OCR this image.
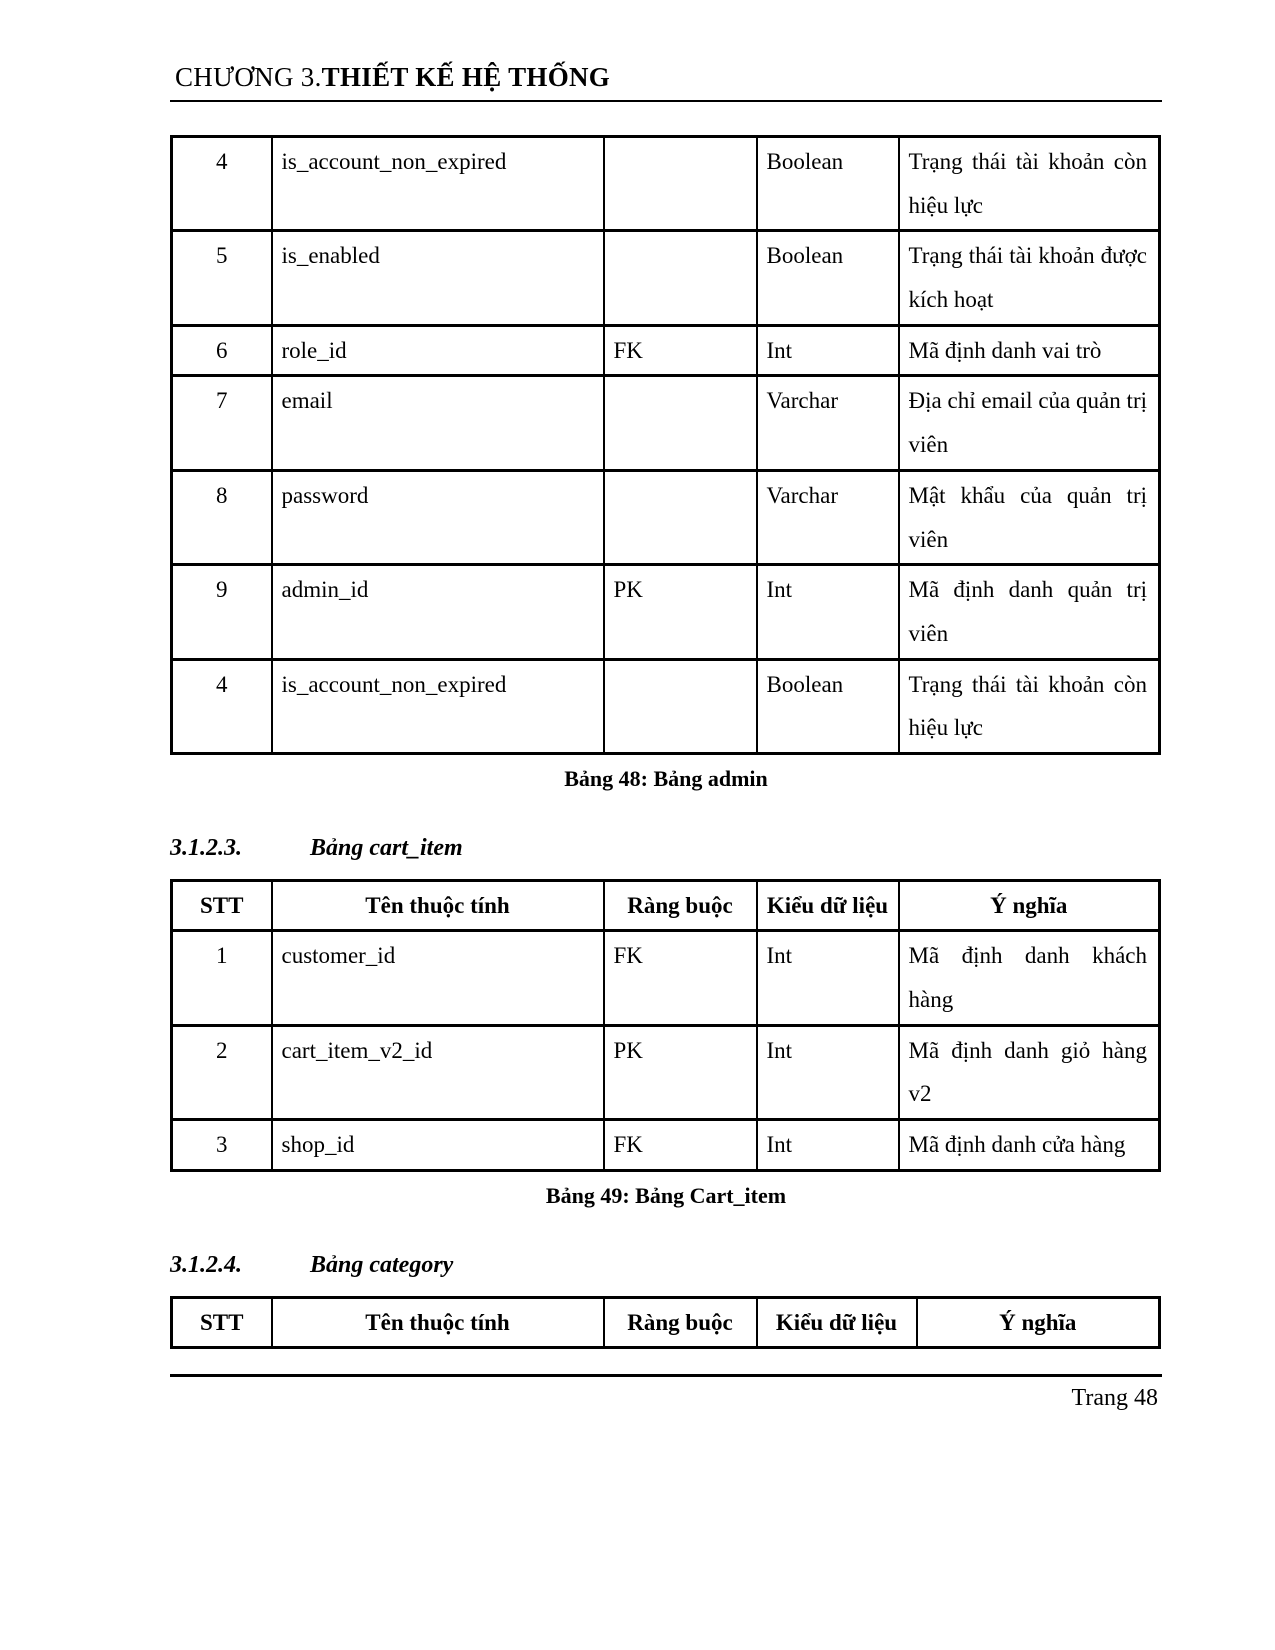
CHƯƠNG 3.THIẾT KẾ HỆ THỐNG
4	is_account_non_expired		Boolean	Trạng thái tài khoản còn hiệu lực
5	is_enabled		Boolean	Trạng thái tài khoản được kích hoạt
6	role_id	FK	Int	Mã định danh vai trò
7	email		Varchar	Địa chỉ email của quản trị viên
8	password		Varchar	Mật khẩu của quản trị viên
9	admin_id	PK	Int	Mã định danh quản trị viên
4	is_account_non_expired		Boolean	Trạng thái tài khoản còn hiệu lực

Bảng 48: Bảng admin

3.1.2.3.	Bảng cart_item
STT	Tên thuộc tính	Ràng buộc	Kiểu dữ liệu	Ý nghĩa
1	customer_id	FK	Int	Mã định danh khách hàng
2	cart_item_v2_id	PK	Int	Mã định danh giỏ hàng v2
3	shop_id	FK	Int	Mã định danh cửa hàng

Bảng 49: Bảng Cart_item

3.1.2.4.	Bảng category
STT	Tên thuộc tính	Ràng buộc	Kiểu dữ liệu	Ý nghĩa
Trang 48
